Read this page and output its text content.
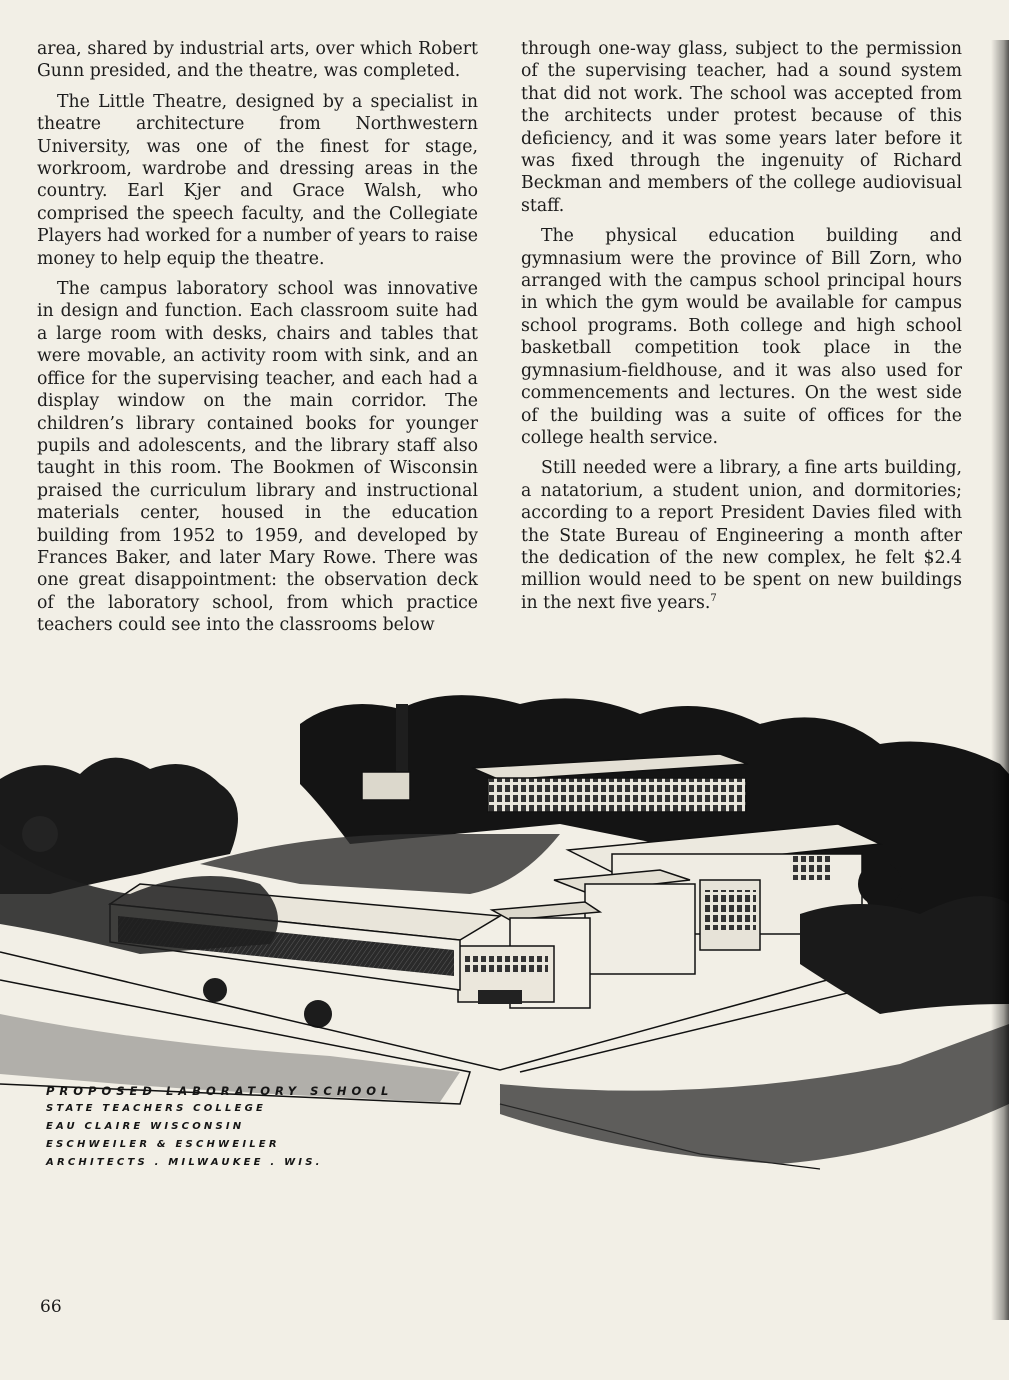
area, shared by industrial arts, over which Robert Gunn presided, and the theatre, was completed.

The Little Theatre, designed by a specialist in theatre architecture from Northwestern University, was one of the finest for stage, workroom, wardrobe and dressing areas in the country. Earl Kjer and Grace Walsh, who comprised the speech faculty, and the Collegiate Players had worked for a number of years to raise money to help equip the theatre.

The campus laboratory school was innovative in design and function. Each classroom suite had a large room with desks, chairs and tables that were movable, an activity room with sink, and an office for the supervising teacher, and each had a display window on the main corridor. The children’s library contained books for younger pupils and adolescents, and the library staff also taught in this room. The Bookmen of Wisconsin praised the curriculum library and instructional materials center, housed in the education building from 1952 to 1959, and developed by Frances Baker, and later Mary Rowe. There was one great disappointment: the observation deck of the laboratory school, from which practice teachers could see into the classrooms below

through one-way glass, subject to the permission of the supervising teacher, had a sound system that did not work. The school was accepted from the architects under protest because of this deficiency, and it was some years later before it was fixed through the ingenuity of Richard Beckman and members of the college audiovisual staff.

The physical education building and gymnasium were the province of Bill Zorn, who arranged with the campus school principal hours in which the gym would be available for campus school programs. Both college and high school basketball competition took place in the gymnasium-fieldhouse, and it was also used for commencements and lectures. On the west side of the building was a suite of offices for the college health service.

Still needed were a library, a fine arts building, a natatorium, a student union, and dormitories; according to a report President Davies filed with the State Bureau of Engineering a month after the dedication of the new complex, he felt $2.4 million would need to be spent on new buildings in the next five years.$^7$

PROPOSED LABORATORY SCHOOL
STATE TEACHERS COLLEGE
EAU CLAIRE WISCONSIN
ESCHWEILER & ESCHWEILER
ARCHITECTS . MILWAUKEE . WIS.
66
